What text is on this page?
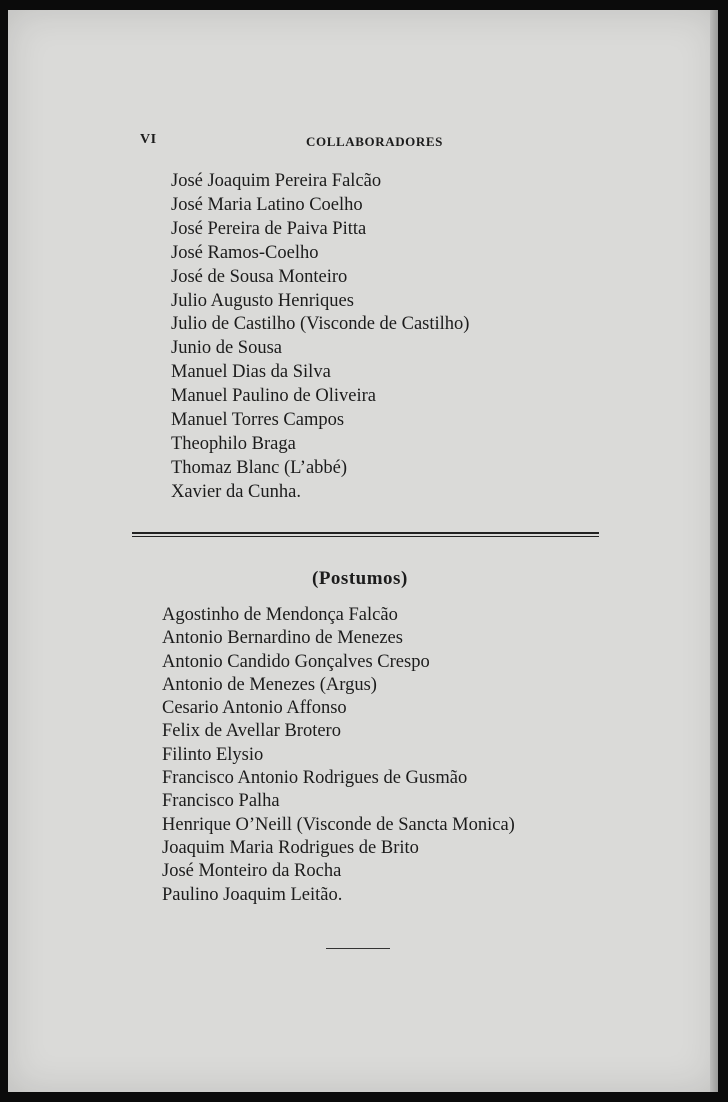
VI	COLLABORADORES
José Joaquim Pereira Falcão
José Maria Latino Coelho
José Pereira de Paiva Pitta
José Ramos-Coelho
José de Sousa Monteiro
Julio Augusto Henriques
Julio de Castilho (Visconde de Castilho)
Junio de Sousa
Manuel Dias da Silva
Manuel Paulino de Oliveira
Manuel Torres Campos
Theophilo Braga
Thomaz Blanc (L’abbé)
Xavier da Cunha.
(Postumos)
Agostinho de Mendonça Falcão
Antonio Bernardino de Menezes
Antonio Candido Gonçalves Crespo
Antonio de Menezes (Argus)
Cesario Antonio Affonso
Felix de Avellar Brotero
Filinto Elysio
Francisco Antonio Rodrigues de Gusmão
Francisco Palha
Henrique O’Neill (Visconde de Sancta Monica)
Joaquim Maria Rodrigues de Brito
José Monteiro da Rocha
Paulino Joaquim Leitão.
